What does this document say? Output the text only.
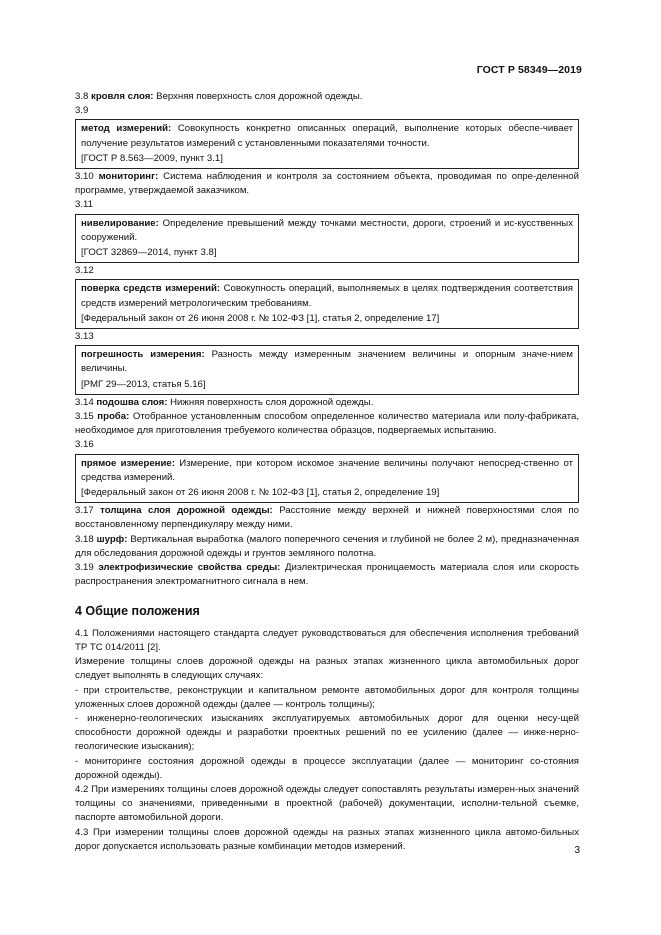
ГОСТ Р 58349—2019
3.8 кровля слоя: Верхняя поверхность слоя дорожной одежды.
3.9
метод измерений: Совокупность конкретно описанных операций, выполнение которых обеспе-чивает получение результатов измерений с установленными показателями точности.
[ГОСТ Р 8.563—2009, пункт 3.1]
3.10 мониторинг: Система наблюдения и контроля за состоянием объекта, проводимая по опре-деленной программе, утверждаемой заказчиком.
3.11
нивелирование: Определение превышений между точками местности, дороги, строений и ис-кусственных сооружений.
[ГОСТ 32869—2014, пункт 3.8]
3.12
поверка средств измерений: Совокупность операций, выполняемых в целях подтверждения соответствия средств измерений метрологическим требованиям.
[Федеральный закон от 26 июня 2008 г. № 102-ФЗ [1], статья 2, определение 17]
3.13
погрешность измерения: Разность между измеренным значением величины и опорным значе-нием величины.
[РМГ 29—2013, статья 5.16]
3.14 подошва слоя: Нижняя поверхность слоя дорожной одежды.
3.15 проба: Отобранное установленным способом определенное количество материала или полу-фабриката, необходимое для приготовления требуемого количества образцов, подвергаемых испытанию.
3.16
прямое измерение: Измерение, при котором искомое значение величины получают непосред-ственно от средства измерений.
[Федеральный закон от 26 июня 2008 г. № 102-ФЗ [1], статья 2, определение 19]
3.17 толщина слоя дорожной одежды: Расстояние между верхней и нижней поверхностями слоя по восстановленному перпендикуляру между ними.
3.18 шурф: Вертикальная выработка (малого поперечного сечения и глубиной не более 2 м), предназначенная для обследования дорожной одежды и грунтов земляного полотна.
3.19 электрофизические свойства среды: Диэлектрическая проницаемость материала слоя или скорость распространения электромагнитного сигнала в нем.
4 Общие положения
4.1 Положениями настоящего стандарта следует руководствоваться для обеспечения исполнения требований ТР ТС 014/2011 [2].
Измерение толщины слоев дорожной одежды на разных этапах жизненного цикла автомобильных дорог следует выполнять в следующих случаях:
- при строительстве, реконструкции и капитальном ремонте автомобильных дорог для контроля толщины уложенных слоев дорожной одежды (далее — контроль толщины);
- инженерно-геологических изысканиях эксплуатируемых автомобильных дорог для оценки несу-щей способности дорожной одежды и разработки проектных решений по ее усилению (далее — инже-нерно-геологические изыскания);
- мониторинге состояния дорожной одежды в процессе эксплуатации (далее — мониторинг со-стояния дорожной одежды).
4.2 При измерениях толщины слоев дорожной одежды следует сопоставлять результаты измерен-ных значений толщины со значениями, приведенными в проектной (рабочей) документации, исполни-тельной съемке, паспорте автомобильной дороги.
4.3 При измерении толщины слоев дорожной одежды на разных этапах жизненного цикла автомо-бильных дорог допускается использовать разные комбинации методов измерений.	3
